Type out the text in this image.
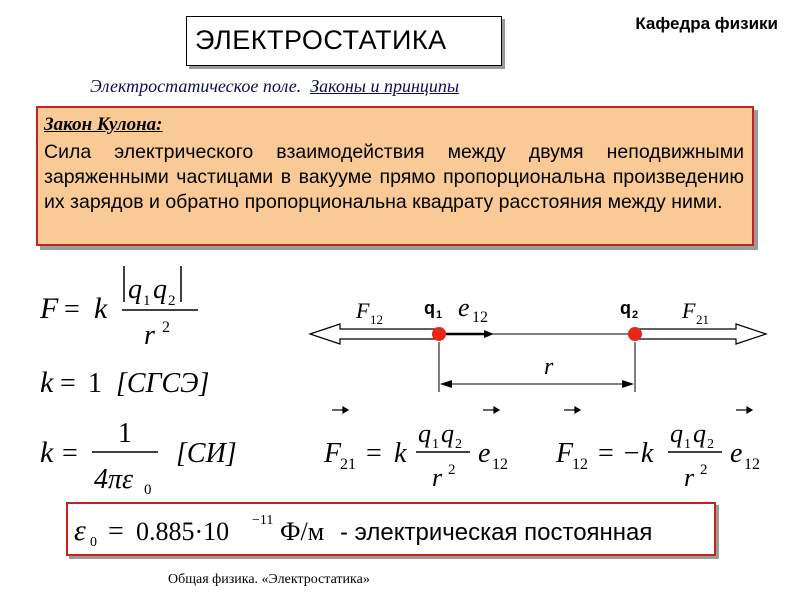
ЭЛЕКТРОСТАТИКА
Кафедра физики
Электростатическое поле. Законы и принципы
Закон Кулона:
Сила электрического взаимодействия между двумя неподвижными заряженными частицами в вакууме прямо пропорциональна произведению их зарядов и обратно пропорциональна квадрату расстояния между ними.
F = k
q 1 q 2
r 2
k = 1 [СГСЭ]
k =
1
4πε 0
[СИ]
F 12
q 1 e 12	q 2 F 21
r
F
21 = k
q 1 q 2
r 2
e 12 F
12 = −k
q 1 q 2
r 2
e 12
ε 0 = 0.885·10 −11 Ф/м - электрическая постоянная
Общая физика. «Электростатика»
